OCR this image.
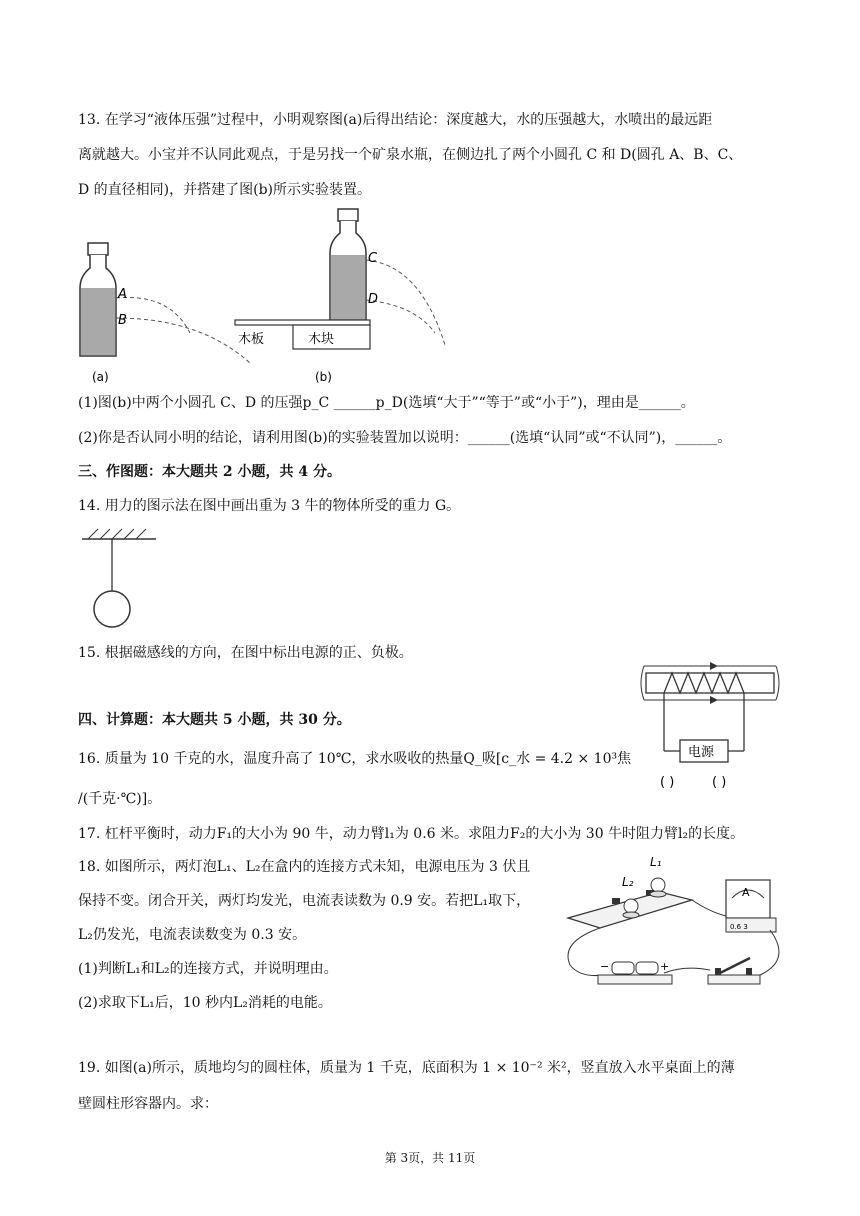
13. 在学习“液体压强”过程中，小明观察图(a)后得出结论：深度越大，水的压强越大，水喷出的最远距
离就越大。小宝并不认同此观点，于是另找一个矿泉水瓶，在侧边扎了两个小圆孔 C 和 D(圆孔 A、B、C、
D 的直径相同)，并搭建了图(b)所示实验装置。
A
B
(a)
C
D
木板	木块
(b)
(1)图(b)中两个小圆孔 C、D 的压强p_C ______p_D(选填“大于”“等于”或“小于”)，理由是______。
(2)你是否认同小明的结论，请利用图(b)的实验装置加以说明：______(选填“认同”或“不认同”)，______。
三、作图题：本大题共 2 小题，共 4 分。
14. 用力的图示法在图中画出重为 3 牛的物体所受的重力 G。
15. 根据磁感线的方向，在图中标出电源的正、负极。
电源
( )	( )
四、计算题：本大题共 5 小题，共 30 分。
16. 质量为 10 千克的水，温度升高了 10℃，求水吸收的热量Q_吸[c_水 = 4.2 × 10³焦
/(千克·℃)]。
17. 杠杆平衡时，动力F₁的大小为 90 牛，动力臂l₁为 0.6 米。求阻力F₂的大小为 30 牛时阻力臂l₂的长度。
18. 如图所示，两灯泡L₁、L₂在盒内的连接方式未知，电源电压为 3 伏且
保持不变。闭合开关，两灯均发光，电流表读数为 0.9 安。若把L₁取下，
L₂仍发光，电流表读数变为 0.3 安。
(1)判断L₁和L₂的连接方式，并说明理由。
(2)求取下L₁后，10 秒内L₂消耗的电能。
L₂
L₁
A
0.6 3
−	+
19. 如图(a)所示，质地均匀的圆柱体，质量为 1 千克，底面积为 1 × 10⁻² 米²，竖直放入水平桌面上的薄
壁圆柱形容器内。求：
第 3页，共 11页
